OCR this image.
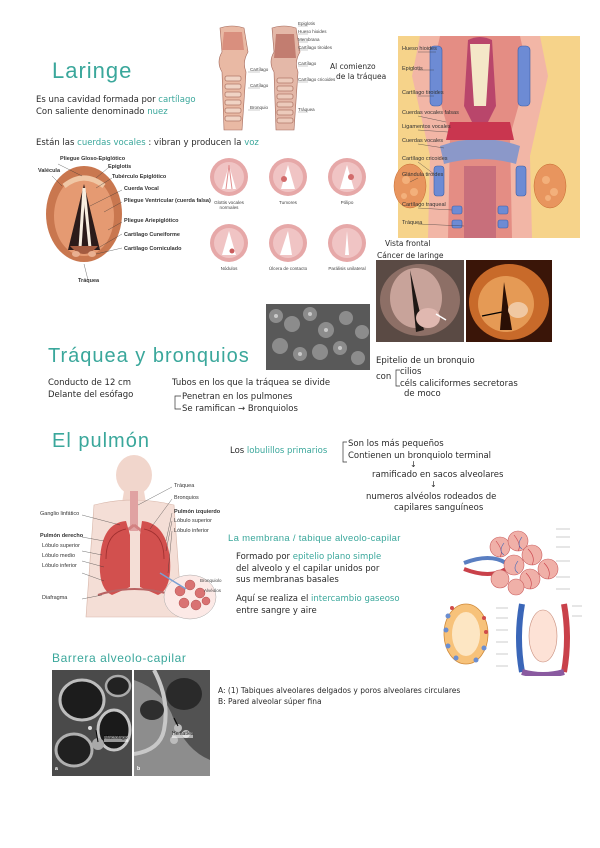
Laringe
Es una cavidad formada por cartílago
Con saliente denominado nuez
Están las cuerdas vocales : vibran y producen la voz
Epiglotis
Hueso hioides
Membrana
Cartílago tiroides
Cartílago
Cartílago cricoides
Tráquea
Cartílago
Cartílago
Bronquio
Al comienzo
de la tráquea
Hueso hioides
Epiglotis
Cartílago tiroides
Cuerdas vocales falsas
Ligamentos vocales
Cuerdas vocales
Cartílago cricoides
Glándula tiroides
Cartílago traqueal
Tráquea
Vista frontal
Cáncer de laringe
Pliegue Gloso-Epiglótico
Epiglotis
Valécula
Tubérculo Epiglótico
Cuerda Vocal
Pliegue Ventricular (cuerda falsa)
Pliegue Ariepiglótico
Cartílago Cuneiforme
Cartílago Corniculado
Tráquea
Glottis vocales normales
Tumores	Pólipo
Nódulos	Úlcera de contacto	Parálisis unilateral
Tráquea y bronquios
Conducto de 12 cm
Delante del esófago
Tubos en los que la tráquea se divide
Penetran en los pulmones
Se ramifican → Bronquiolos
Epitelio de un bronquio
con cilios
céls caliciformes secretoras
de moco
El pulmón	Los lobulillos primarios
Son los más pequeños
Contienen un bronquiolo terminal
↓
ramificado en sacos alveolares
↓
numeros alvéolos rodeados de
capilares sanguíneos
Ganglio linfático
Pulmón derecho
Lóbulo superior
Lóbulo medio
Lóbulo inferior
Diafragma
Tráquea
Bronquios
Pulmón izquierdo
Lóbulo superior
Lóbulo inferior
Bronquiolo
Alvéolos
La membrana / tabique alveolo-capilar
Formado por epitelio plano simple
del alveolo y el capilar unidos por
sus membranas basales
Aquí se realiza el intercambio gaseoso
entre sangre y aire
Barrera alveolo-capilar
a
Macrófago
b
Hematíes
A: (1) Tabiques alveolares delgados y poros alveolares circulares
B: Pared alveolar súper fina
